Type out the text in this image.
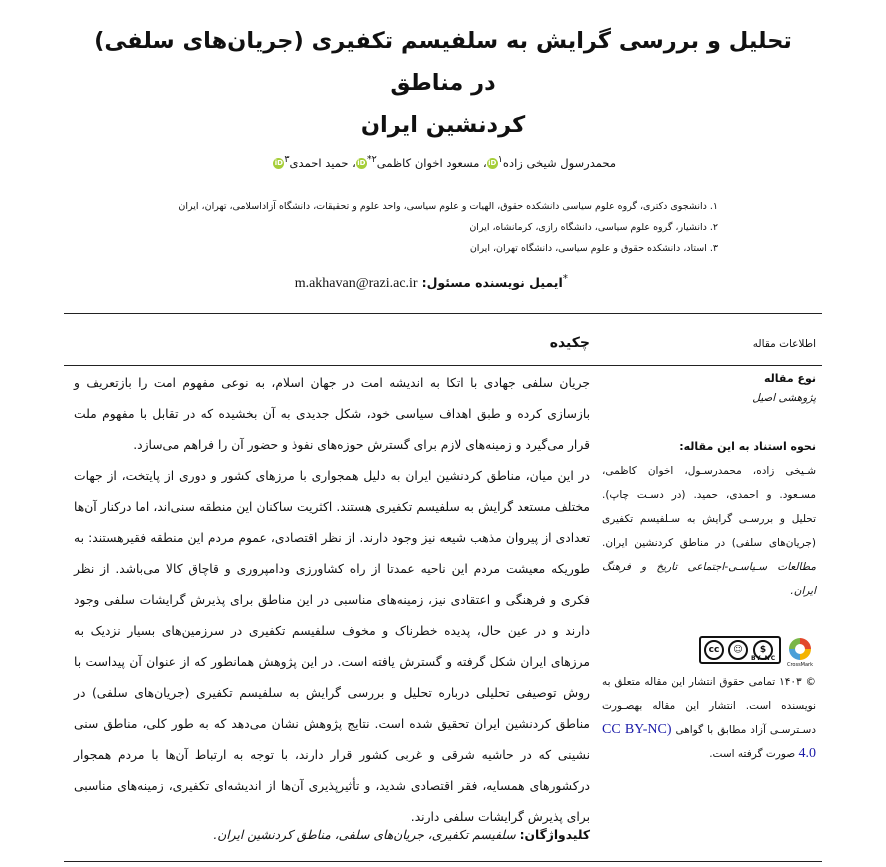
تحلیل و بررسی گرایش به سلفیسم تکفیری (جریان‌های سلفی) در مناطق
کردنشین ایران
محمدرسول شیخی زاده$^۱$iD، مسعود اخوان کاظمی$^{۲*}$iD، حمید احمدی$^۳$iD
۱. دانشجوی دکتری، گروه علوم سیاسی دانشکده حقوق، الهیات و علوم سیاسی، واحد علوم و تحقیقات، دانشگاه آزاداسلامی، تهران، ایران
۲. دانشیار، گروه علوم سیاسی، دانشگاه رازی، کرمانشاه، ایران
۳. استاد، دانشکده حقوق و علوم سیاسی، دانشگاه تهران، ایران
*ایمیل نویسنده مسئول: m.akhavan@razi.ac.ir
اطلاعات مقاله
چکیده
نوع مقاله
پژوهشی اصیل
نحوه استناد به این مقاله:
شـیخی زاده، محمدرسـول، اخوان کاظمی، مسـعود. و احمدی، حمید. (در دسـت چاپ). تحلیل و بررسـی گرایش به سـلفیسم تکفیری (جریان‌های سلفی) در مناطق کردنشین ایران. مطالعات سـیاسـی-اجتماعی تاریخ و فرهنگ ایران.
cc	☺	$
BY NC
CrossMark
© ۱۴۰۳ تمامی حقوق انتشار این مقاله متعلق به نویسنده است. انتشار این مقاله بهصـورت دسـترسـی آزاد مطابق با گواهی (CC BY-NC 4.0 صورت گرفته است.

جریان سلفی جهادی با اتکا به اندیشه امت در جهان اسلام، به نوعی مفهوم امت را بازتعریف و بازسازی کرده و طبق اهداف سیاسی خود، شکل جدیدی به آن بخشیده که در تقابل با مفهوم ملت قرار می‌گیرد و زمینه‌های لازم برای گسترش حوزه‌های نفوذ و حضور آن را فراهم می‌سازد.

در این میان، مناطق کردنشین ایران به دلیل همجواری با مرزهای کشور و دوری از پایتخت، از جهات مختلف مستعد گرایش به سلفیسم تکفیری هستند. اکثریت ساکنان این منطقه سنی‌اند، اما درکنار آن‌ها تعدادی از پیروان مذهب شیعه نیز وجود دارند. از نظر اقتصادی، عموم مردم این منطقه فقیرهستند: به طوریکه معیشت مردم این ناحیه عمدتا از راه کشاورزی ودامپروری و قاچاق کالا می‌باشد. از نظر فکری و فرهنگی و اعتقادی نیز، زمینه‌های مناسبی در این مناطق برای پذیرش گرایشات سلفی وجود دارند و در عین حال، پدیده خطرناک و مخوف سلفیسم تکفیری در سرزمین‌های بسیار نزدیک به مرزهای ایران شکل گرفته و گسترش یافته است. در این پژوهش همانطور که از عنوان آن پیداست با روش توصیفی تحلیلی درباره تحلیل و بررسی گرایش به سلفیسم تکفیری (جریان‌های سلفی) در مناطق کردنشین ایران تحقیق شده است. نتایج پژوهش نشان می‌دهد که به طور کلی، مناطق سنی نشینی که در حاشیه شرقی و غربی کشور قرار دارند، با توجه به ارتباط آن‌ها با مردم همجوار درکشورهای همسایه، فقر اقتصادی شدید، و تأثیرپذیری آن‌ها از اندیشه‌ای تکفیری، زمینه‌های مناسبی برای پذیرش گرایشات سلفی دارند.

کلیدواژگان: سلفیسم تکفیری، جریان‌های سلفی، مناطق کردنشین ایران.
